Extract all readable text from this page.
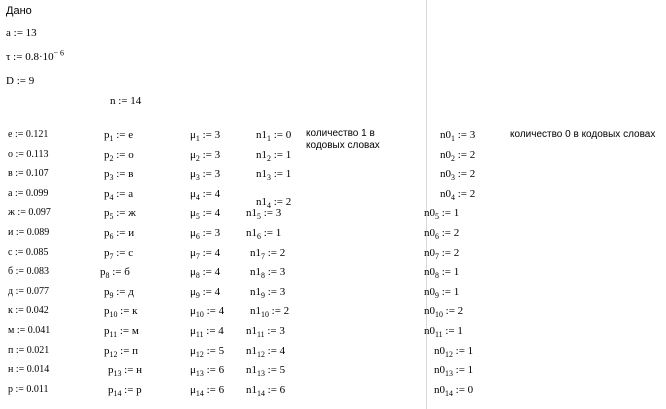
Дано
a := 13
τ := $0.8\cdot 10^{- 6}$
D := 9
n := 14
количество 1 в кодовых словах
количество 0 в кодовых словах
е := 0.121
о := 0.113
в := 0.107
а := 0.099
ж := 0.097
и := 0.089
с := 0.085
б := 0.083
д := 0.077
к := 0.042
м := 0.041
п := 0.021
н := 0.014
р := 0.011
$p_1$ := е
$p_2$ := о
$p_3$ := в
$p_4$ := а
$p_5$ := ж
$p_6$ := и
$p_7$ := с
$p_8$ := б
$p_9$ := д
$p_{10}$ := к
$p_{11}$ := м
$p_{12}$ := п
$p_{13}$ := н
$p_{14}$ := р
$\mu_1$ := 3
$\mu_2$ := 3
$\mu_3$ := 3
$\mu_4$ := 4
$\mu_5$ := 4
$\mu_6$ := 3
$\mu_7$ := 4
$\mu_8$ := 4
$\mu_9$ := 4
$\mu_{10}$ := 4
$\mu_{11}$ := 4
$\mu_{12}$ := 5
$\mu_{13}$ := 6
$\mu_{14}$ := 6
$n1_1$ := 0
$n1_2$ := 1
$n1_3$ := 1
$n1_4$ := 2
$n1_5$ := 3
$n1_6$ := 1
$n1_7$ := 2
$n1_8$ := 3
$n1_9$ := 3
$n1_{10}$ := 2
$n1_{11}$ := 3
$n1_{12}$ := 4
$n1_{13}$ := 5
$n1_{14}$ := 6
$n0_1$ := 3
$n0_2$ := 2
$n0_3$ := 2
$n0_4$ := 2
$n0_5$ := 1
$n0_6$ := 2
$n0_7$ := 2
$n0_8$ := 1
$n0_9$ := 1
$n0_{10}$ := 2
$n0_{11}$ := 1
$n0_{12}$ := 1
$n0_{13}$ := 1
$n0_{14}$ := 0
